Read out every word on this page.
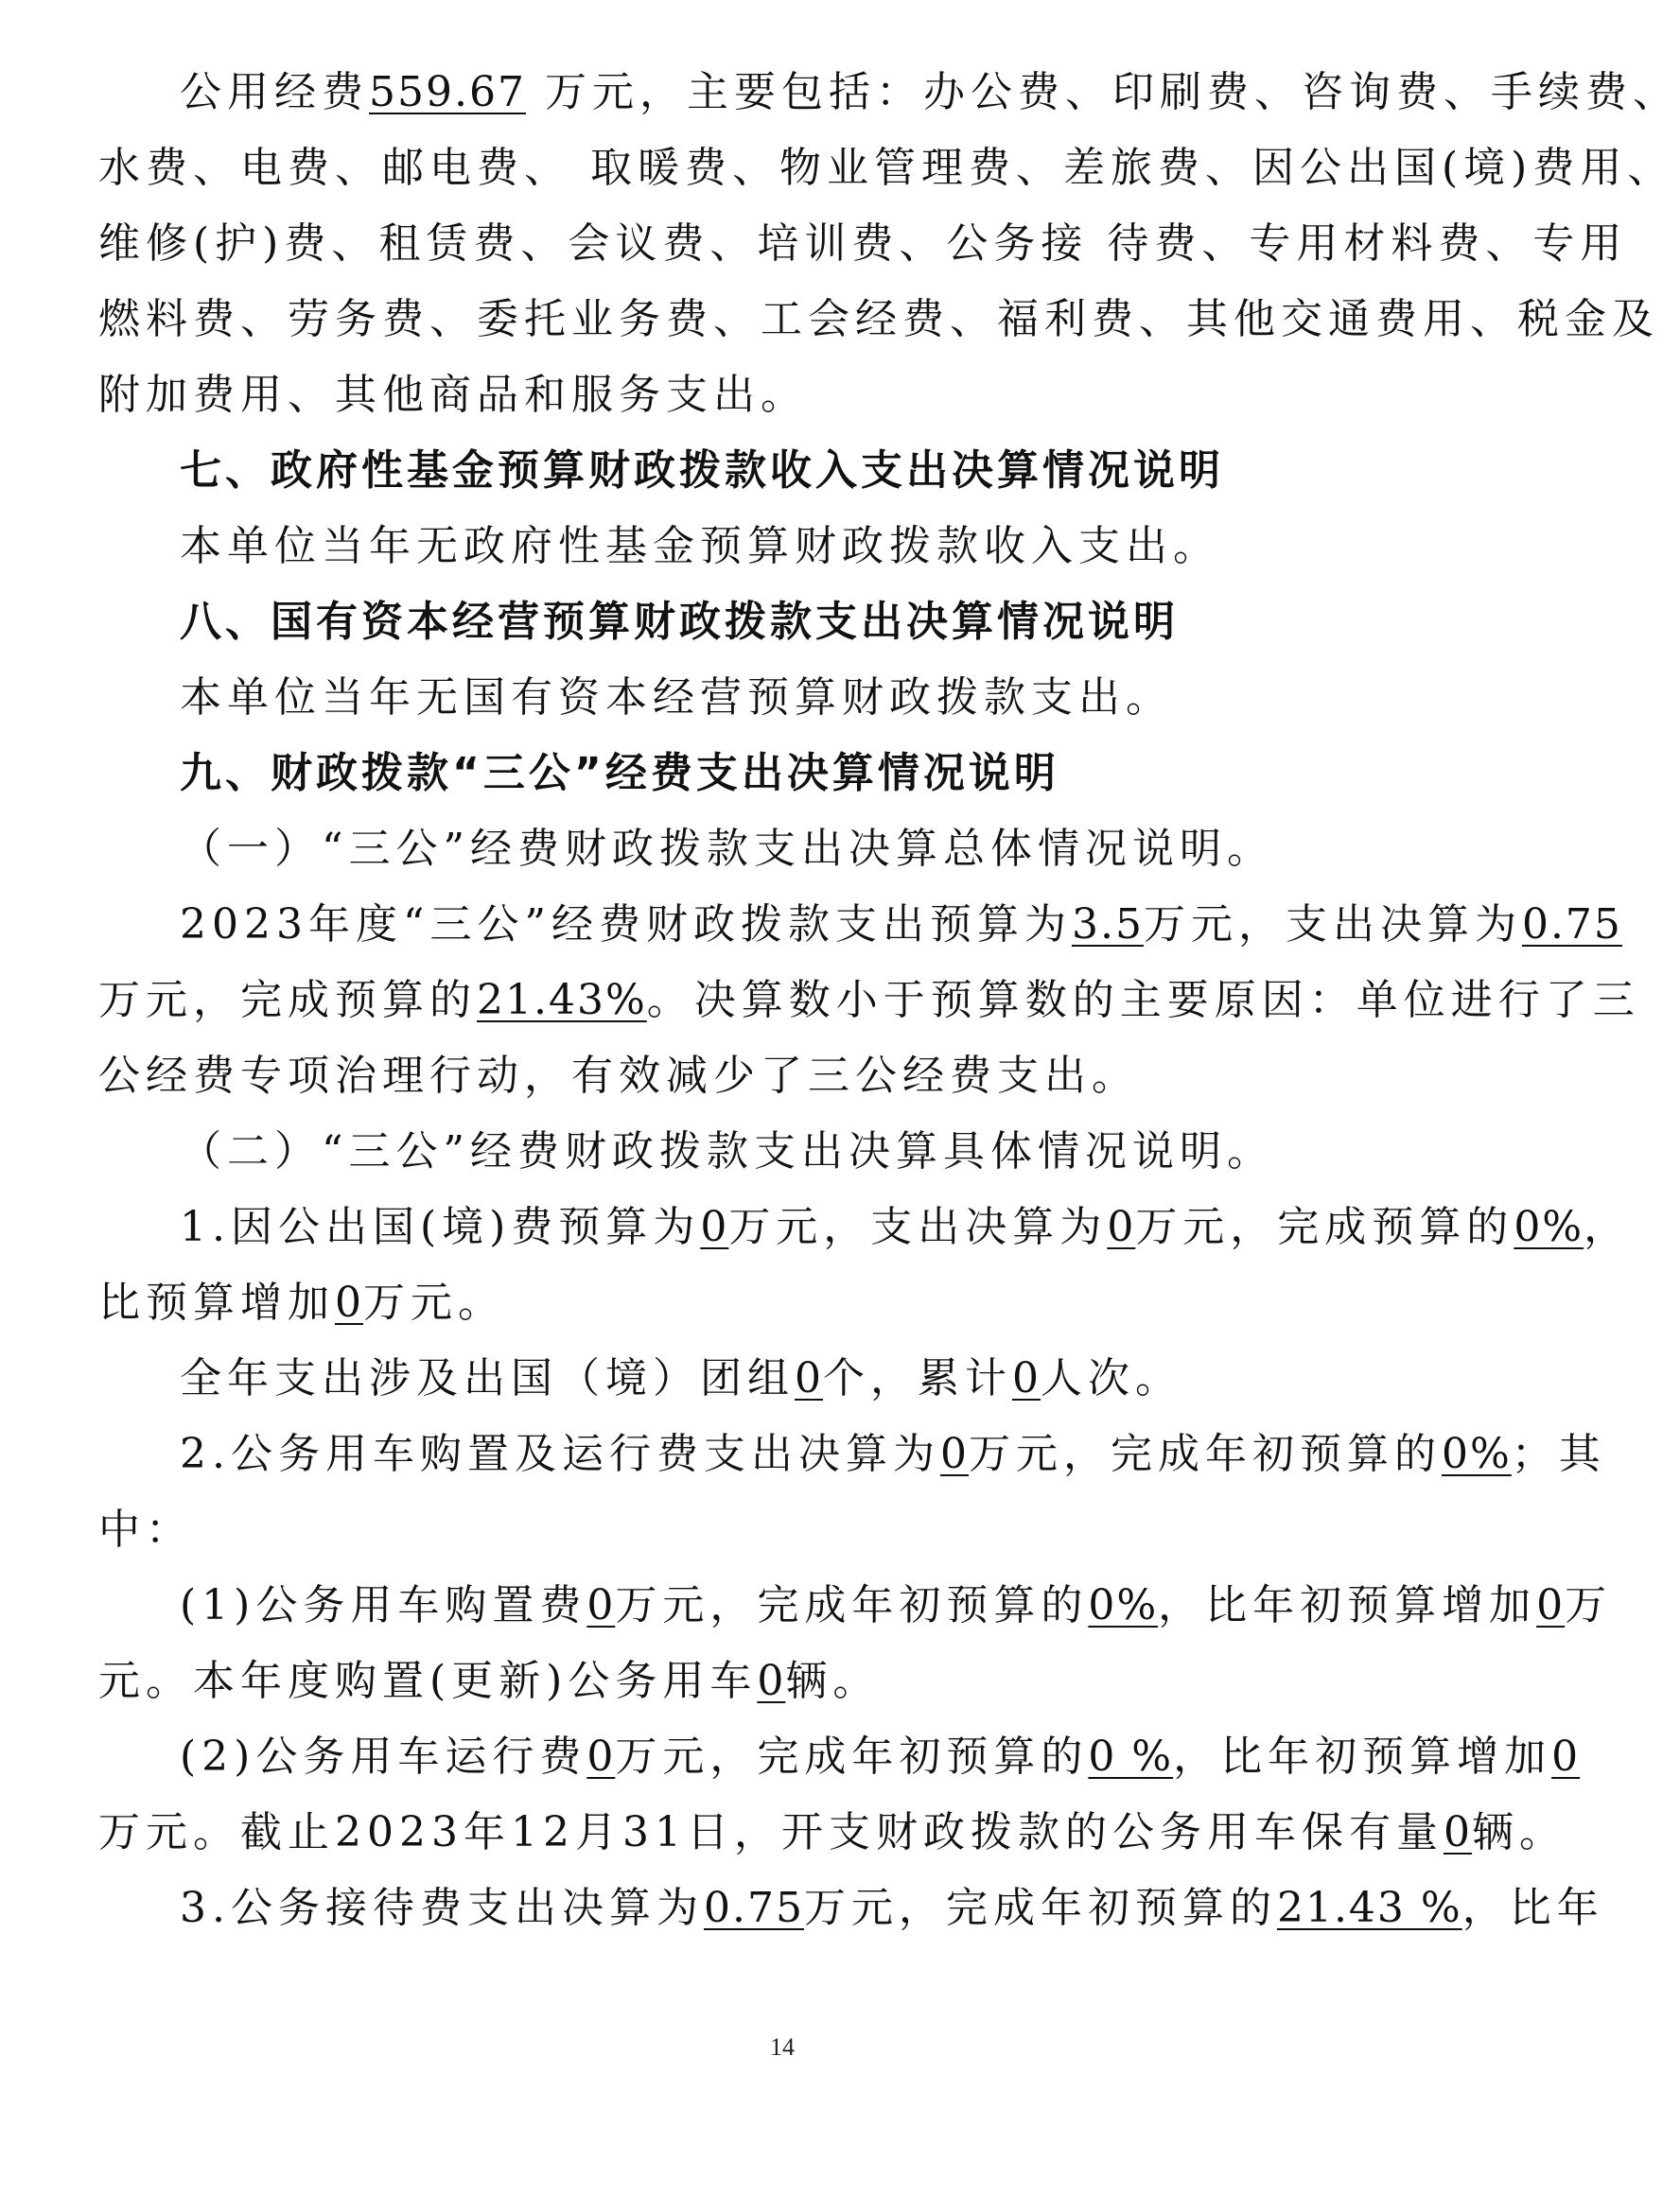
公用经费559.67 万元，主要包括：办公费、印刷费、咨询费、手续费、
水费、电费、邮电费、 取暖费、物业管理费、差旅费、因公出国(境)费用、
维修(护)费、租赁费、会议费、培训费、公务接 待费、专用材料费、专用
燃料费、劳务费、委托业务费、工会经费、福利费、其他交通费用、税金及
附加费用、其他商品和服务支出。
七、政府性基金预算财政拨款收入支出决算情况说明
本单位当年无政府性基金预算财政拨款收入支出。
八、国有资本经营预算财政拨款支出决算情况说明
本单位当年无国有资本经营预算财政拨款支出。
九、财政拨款“三公”经费支出决算情况说明
（一）“三公”经费财政拨款支出决算总体情况说明。
2023年度“三公”经费财政拨款支出预算为3.5万元，支出决算为0.75
万元，完成预算的21.43%。决算数小于预算数的主要原因：单位进行了三
公经费专项治理行动，有效减少了三公经费支出。
（二）“三公”经费财政拨款支出决算具体情况说明。
1.因公出国(境)费预算为0万元，支出决算为0万元，完成预算的0%，
比预算增加0万元。
全年支出涉及出国（境）团组0个，累计0人次。
2.公务用车购置及运行费支出决算为0万元，完成年初预算的0%；其
中：
(1)公务用车购置费0万元，完成年初预算的0%，比年初预算增加0万
元。本年度购置(更新)公务用车0辆。
(2)公务用车运行费0万元，完成年初预算的0 %，比年初预算增加0
万元。截止2023年12月31日，开支财政拨款的公务用车保有量0辆。
3.公务接待费支出决算为0.75万元，完成年初预算的21.43 %，比年
14
